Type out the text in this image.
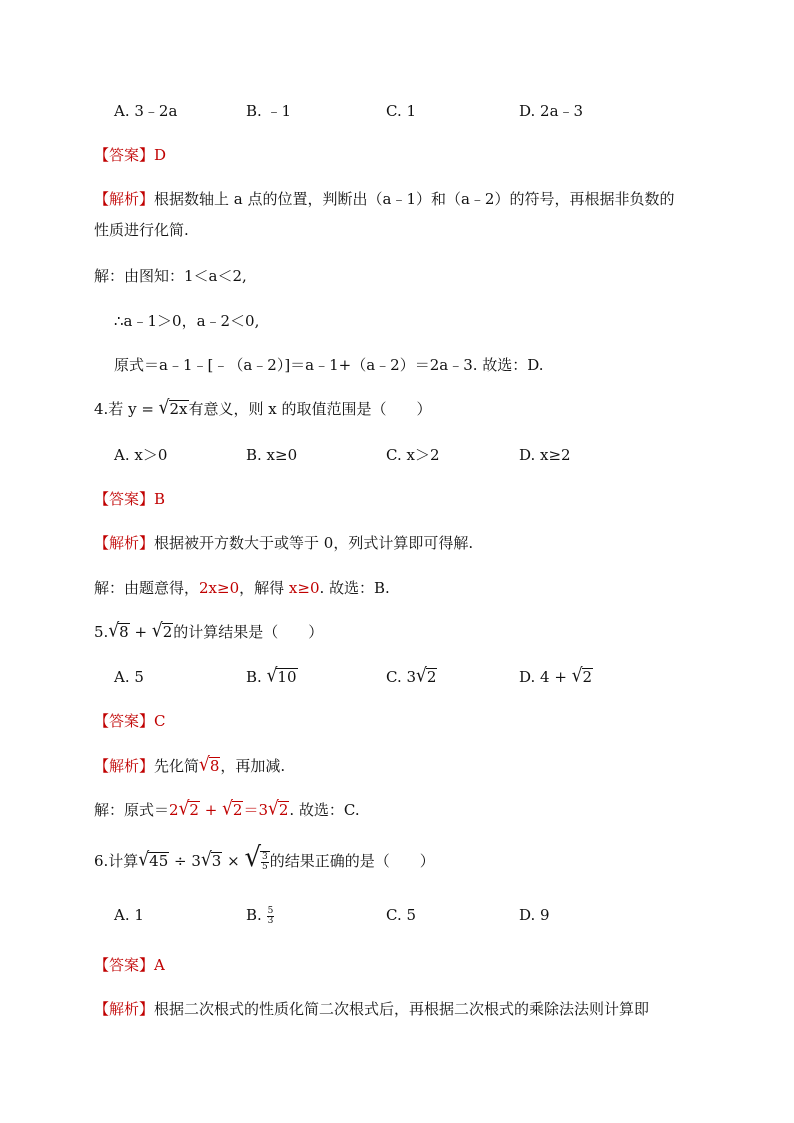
A. 3﹣2a	B. ﹣1	C. 1	D. 2a﹣3
【答案】D
【解析】根据数轴上 a 点的位置，判断出（a﹣1）和（a﹣2）的符号，再根据非负数的
性质进行化简.
解：由图知：1＜a＜2,
∴a﹣1＞0，a﹣2＜0,
原式＝a﹣1﹣[﹣（a﹣2）]＝a﹣1+（a﹣2）＝2a﹣3. 故选：D.
4.若 y = √2x有意义，则 x 的取值范围是（　　）
A. x＞0	B. x≥0	C. x＞2	D. x≥2
【答案】B
【解析】根据被开方数大于或等于 0，列式计算即可得解.
解：由题意得，2x≥0，解得 x≥0. 故选：B.
5.√8 + √2的计算结果是（　　）
A. 5	B. √10	C. 3√2	D. 4 + √2
【答案】C
【解析】先化简√8，再加减.
解：原式＝2√2 + √2＝3√2. 故选：C.
6.计算√45 ÷ 3√3 × √ $\frac{3}{5}$ 的结果正确的是（　　）
A. 1	B. $\frac{5}{3}$	C. 5	D. 9
【答案】A
【解析】根据二次根式的性质化简二次根式后，再根据二次根式的乘除法法则计算即
